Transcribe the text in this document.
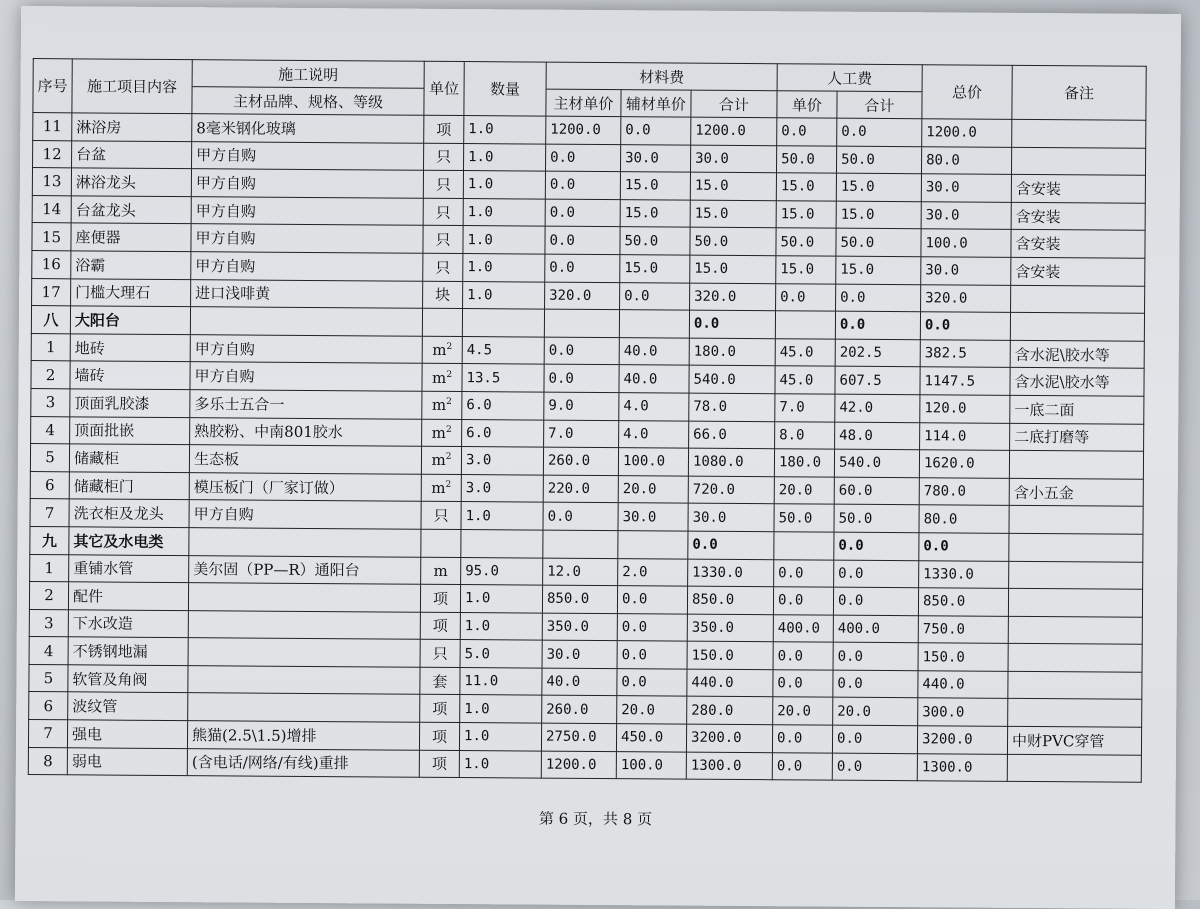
序号	施工项目内容	施工说明	单位	数量	材料费			人工费		总价	备注
		主材品牌、规格、等级			主材单价	辅材单价	合计	单价	合计		
11	淋浴房	8毫米钢化玻璃	项	1.0	1200.0	0.0	1200.0	0.0	0.0	1200.0	
12	台盆	甲方自购	只	1.0	0.0	30.0	30.0	50.0	50.0	80.0	
13	淋浴龙头	甲方自购	只	1.0	0.0	15.0	15.0	15.0	15.0	30.0	含安装
14	台盆龙头	甲方自购	只	1.0	0.0	15.0	15.0	15.0	15.0	30.0	含安装
15	座便器	甲方自购	只	1.0	0.0	50.0	50.0	50.0	50.0	100.0	含安装
16	浴霸	甲方自购	只	1.0	0.0	15.0	15.0	15.0	15.0	30.0	含安装
17	门槛大理石	进口浅啡黄	块	1.0	320.0	0.0	320.0	0.0	0.0	320.0	
八	大阳台						0.0		0.0	0.0	
1	地砖	甲方自购	$m^2$	4.5	0.0	40.0	180.0	45.0	202.5	382.5	含水泥\胶水等
2	墙砖	甲方自购	$m^2$	13.5	0.0	40.0	540.0	45.0	607.5	1147.5	含水泥\胶水等
3	顶面乳胶漆	多乐士五合一	$m^2$	6.0	9.0	4.0	78.0	7.0	42.0	120.0	一底二面
4	顶面批嵌	熟胶粉、中南801胶水	$m^2$	6.0	7.0	4.0	66.0	8.0	48.0	114.0	二底打磨等
5	储藏柜	生态板	$m^2$	3.0	260.0	100.0	1080.0	180.0	540.0	1620.0	
6	储藏柜门	模压板门（厂家订做）	$m^2$	3.0	220.0	20.0	720.0	20.0	60.0	780.0	含小五金
7	洗衣柜及龙头	甲方自购	只	1.0	0.0	30.0	30.0	50.0	50.0	80.0	
九	其它及水电类						0.0		0.0	0.0	
1	重铺水管	美尔固（PP—R）通阳台	m	95.0	12.0	2.0	1330.0	0.0	0.0	1330.0	
2	配件		项	1.0	850.0	0.0	850.0	0.0	0.0	850.0	
3	下水改造		项	1.0	350.0	0.0	350.0	400.0	400.0	750.0	
4	不锈钢地漏		只	5.0	30.0	0.0	150.0	0.0	0.0	150.0	
5	软管及角阀		套	11.0	40.0	0.0	440.0	0.0	0.0	440.0	
6	波纹管		项	1.0	260.0	20.0	280.0	20.0	20.0	300.0	
7	强电	熊猫(2.5\1.5)增排	项	1.0	2750.0	450.0	3200.0	0.0	0.0	3200.0	中财PVC穿管
8	弱电	(含电话/网络/有线)重排	项	1.0	1200.0	100.0	1300.0	0.0	0.0	1300.0	
第 6 页，共 8 页
